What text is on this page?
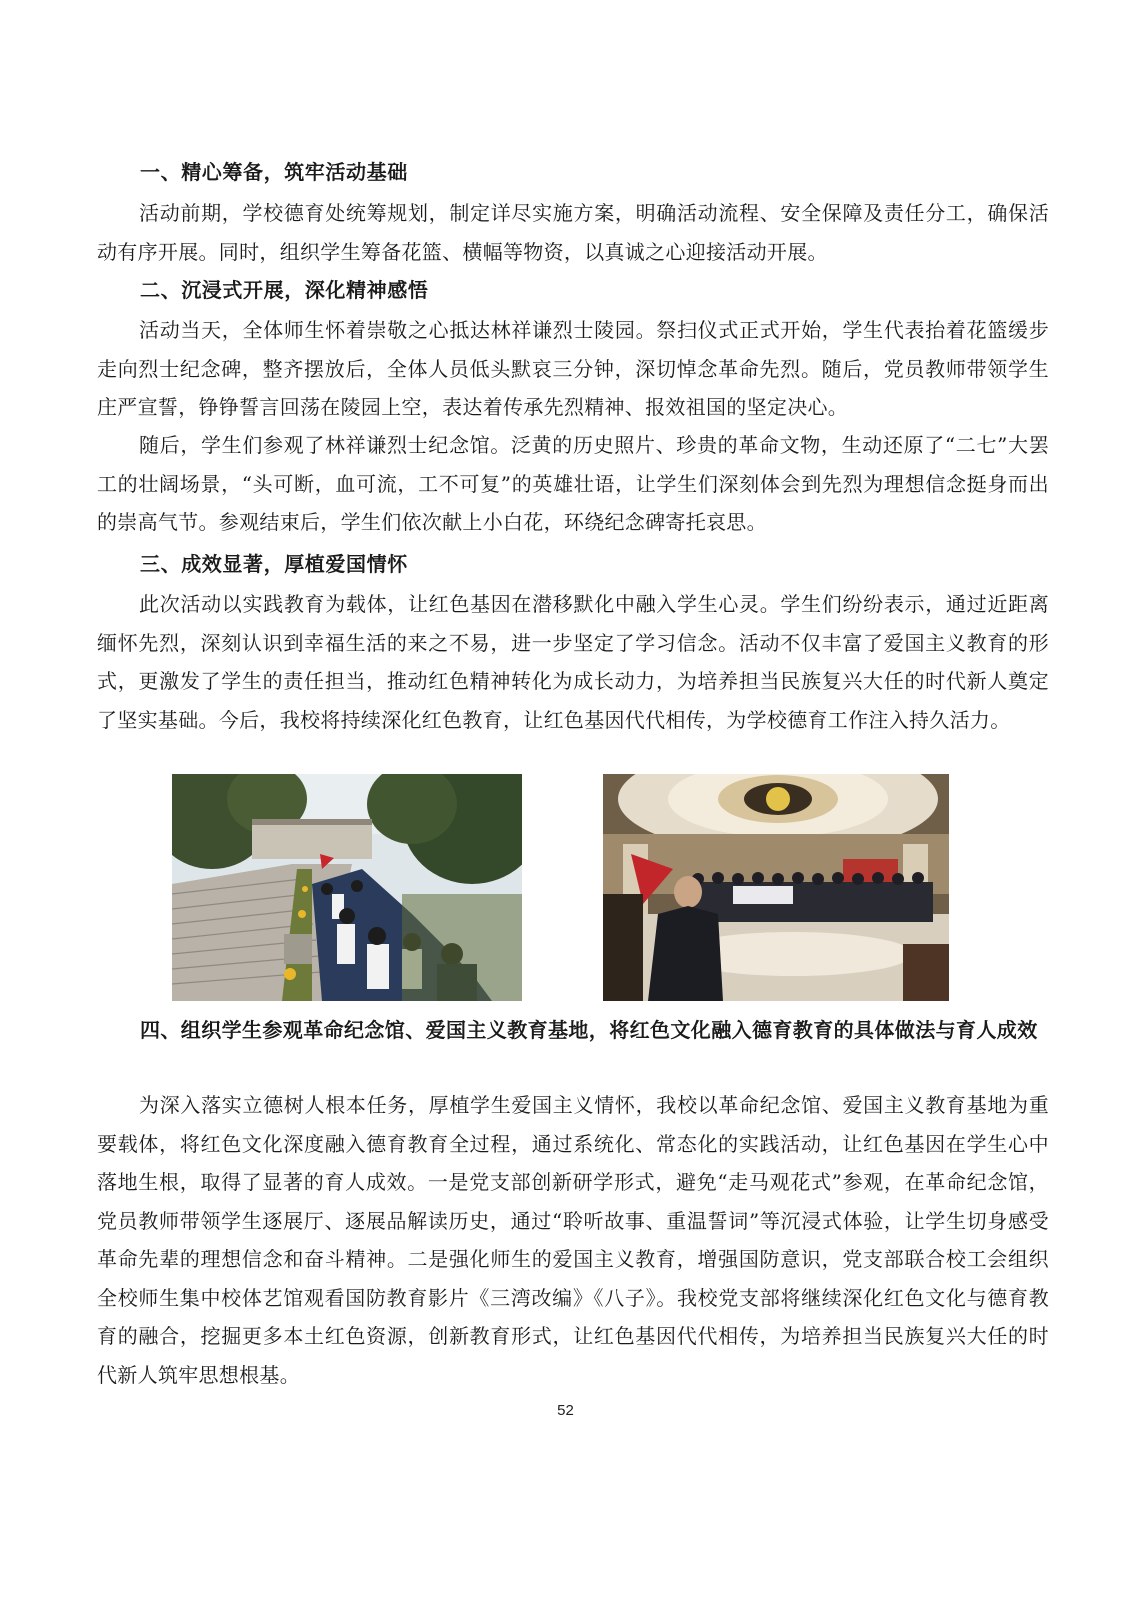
一、精心筹备，筑牢活动基础

活动前期，学校德育处统筹规划，制定详尽实施方案，明确活动流程、安全保障及责任分工，确保活动有序开展。同时，组织学生筹备花篮、横幅等物资，以真诚之心迎接活动开展。

二、沉浸式开展，深化精神感悟

活动当天，全体师生怀着崇敬之心抵达林祥谦烈士陵园。祭扫仪式正式开始，学生代表抬着花篮缓步走向烈士纪念碑，整齐摆放后，全体人员低头默哀三分钟，深切悼念革命先烈。随后，党员教师带领学生庄严宣誓，铮铮誓言回荡在陵园上空，表达着传承先烈精神、报效祖国的坚定决心。

随后，学生们参观了林祥谦烈士纪念馆。泛黄的历史照片、珍贵的革命文物，生动还原了“二七”大罢工的壮阔场景，“头可断，血可流，工不可复”的英雄壮语，让学生们深刻体会到先烈为理想信念挺身而出的崇高气节。参观结束后，学生们依次献上小白花，环绕纪念碑寄托哀思。

三、成效显著，厚植爱国情怀

此次活动以实践教育为载体，让红色基因在潜移默化中融入学生心灵。学生们纷纷表示，通过近距离缅怀先烈，深刻认识到幸福生活的来之不易，进一步坚定了学习信念。活动不仅丰富了爱国主义教育的形式，更激发了学生的责任担当，推动红色精神转化为成长动力，为培养担当民族复兴大任的时代新人奠定了坚实基础。今后，我校将持续深化红色教育，让红色基因代代相传，为学校德育工作注入持久活力。

四、组织学生参观革命纪念馆、爱国主义教育基地，将红色文化融入德育教育的具体做法与育人成效

为深入落实立德树人根本任务，厚植学生爱国主义情怀，我校以革命纪念馆、爱国主义教育基地为重要载体，将红色文化深度融入德育教育全过程，通过系统化、常态化的实践活动，让红色基因在学生心中落地生根，取得了显著的育人成效。一是党支部创新研学形式，避免“走马观花式”参观，在革命纪念馆，党员教师带领学生逐展厅、逐展品解读历史，通过“聆听故事、重温誓词”等沉浸式体验，让学生切身感受革命先辈的理想信念和奋斗精神。二是强化师生的爱国主义教育，增强国防意识，党支部联合校工会组织全校师生集中校体艺馆观看国防教育影片《三湾改编》《八子》。我校党支部将继续深化红色文化与德育教育的融合，挖掘更多本土红色资源，创新教育形式，让红色基因代代相传，为培养担当民族复兴大任的时代新人筑牢思想根基。

52
